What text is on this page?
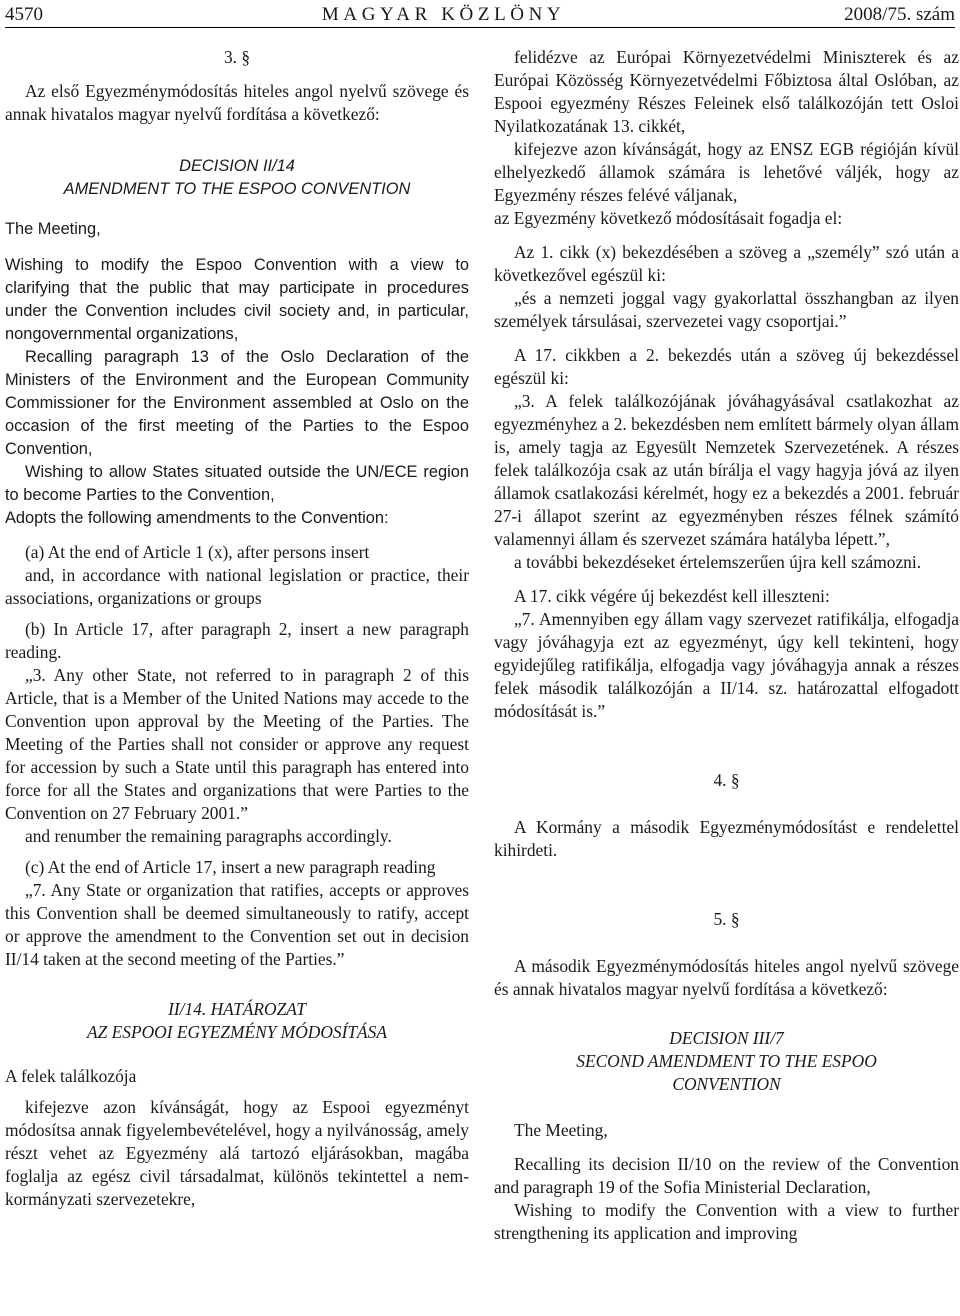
4570	MAGYAR KÖZLÖNY	2008/75. szám

3. §

Az első Egyezménymódosítás hiteles angol nyelvű szövege és annak hivatalos magyar nyelvű fordítása a következő:

DECISION II/14

AMENDMENT TO THE ESPOO CONVENTION

The Meeting,

Wishing to modify the Espoo Convention with a view to clarifying that the public that may participate in procedures under the Convention includes civil society and, in particular, nongovernmental organizations,

Recalling paragraph 13 of the Oslo Declaration of the Ministers of the Environment and the European Community Commissioner for the Environment assembled at Oslo on the occasion of the first meeting of the Parties to the Espoo Convention,

Wishing to allow States situated outside the UN/ECE region to become Parties to the Convention,

Adopts the following amendments to the Convention:

(a) At the end of Article 1 (x), after persons insert

and, in accordance with national legislation or practice, their associations, organizations or groups

(b) In Article 17, after paragraph 2, insert a new paragraph reading.

„3. Any other State, not referred to in paragraph 2 of this Article, that is a Member of the United Nations may accede to the Convention upon approval by the Meeting of the Parties. The Meeting of the Parties shall not consider or approve any request for accession by such a State until this paragraph has entered into force for all the States and organizations that were Parties to the Convention on 27 February 2001.”

and renumber the remaining paragraphs accordingly.

(c) At the end of Article 17, insert a new paragraph reading

„7. Any State or organization that ratifies, accepts or approves this Convention shall be deemed simultaneously to ratify, accept or approve the amendment to the Convention set out in decision II/14 taken at the second meeting of the Parties.”

II/14. HATÁROZAT

AZ ESPOOI EGYEZMÉNY MÓDOSÍTÁSA

A felek találkozója

kifejezve azon kívánságát, hogy az Espooi egyezményt módosítsa annak figyelembevételével, hogy a nyilvánosság, amely részt vehet az Egyezmény alá tartozó eljárásokban, magába foglalja az egész civil társadalmat, különös tekintettel a nem-kormányzati szervezetekre,

felidézve az Európai Környezetvédelmi Miniszterek és az Európai Közösség Környezetvédelmi Főbiztosa által Oslóban, az Espooi egyezmény Részes Feleinek első találkozóján tett Osloi Nyilatkozatának 13. cikkét,

kifejezve azon kívánságát, hogy az ENSZ EGB régióján kívül elhelyezkedő államok számára is lehetővé váljék, hogy az Egyezmény részes felévé váljanak,

az Egyezmény következő módosításait fogadja el:

Az 1. cikk (x) bekezdésében a szöveg a „személy” szó után a következővel egészül ki:

„és a nemzeti joggal vagy gyakorlattal összhangban az ilyen személyek társulásai, szervezetei vagy csoportjai.”

A 17. cikkben a 2. bekezdés után a szöveg új bekezdéssel egészül ki:

„3. A felek találkozójának jóváhagyásával csatlakozhat az egyezményhez a 2. bekezdésben nem említett bármely olyan állam is, amely tagja az Egyesült Nemzetek Szervezetének. A részes felek találkozója csak az után bírálja el vagy hagyja jóvá az ilyen államok csatlakozási kérelmét, hogy ez a bekezdés a 2001. február 27-i állapot szerint az egyezményben részes félnek számító valamennyi állam és szervezet számára hatályba lépett.”,

a további bekezdéseket értelemszerűen újra kell számozni.

A 17. cikk végére új bekezdést kell illeszteni:

„7. Amennyiben egy állam vagy szervezet ratifikálja, elfogadja vagy jóváhagyja ezt az egyezményt, úgy kell tekinteni, hogy egyidejűleg ratifikálja, elfogadja vagy jóváhagyja annak a részes felek második találkozóján a II/14. sz. határozattal elfogadott módosítását is.”

4. §

A Kormány a második Egyezménymódosítást e rendelettel kihirdeti.

5. §

A második Egyezménymódosítás hiteles angol nyelvű szövege és annak hivatalos magyar nyelvű fordítása a következő:

DECISION III/7

SECOND AMENDMENT TO THE ESPOO

CONVENTION

The Meeting,

Recalling its decision II/10 on the review of the Convention and paragraph 19 of the Sofia Ministerial Declaration,

Wishing to modify the Convention with a view to further strengthening its application and improving
